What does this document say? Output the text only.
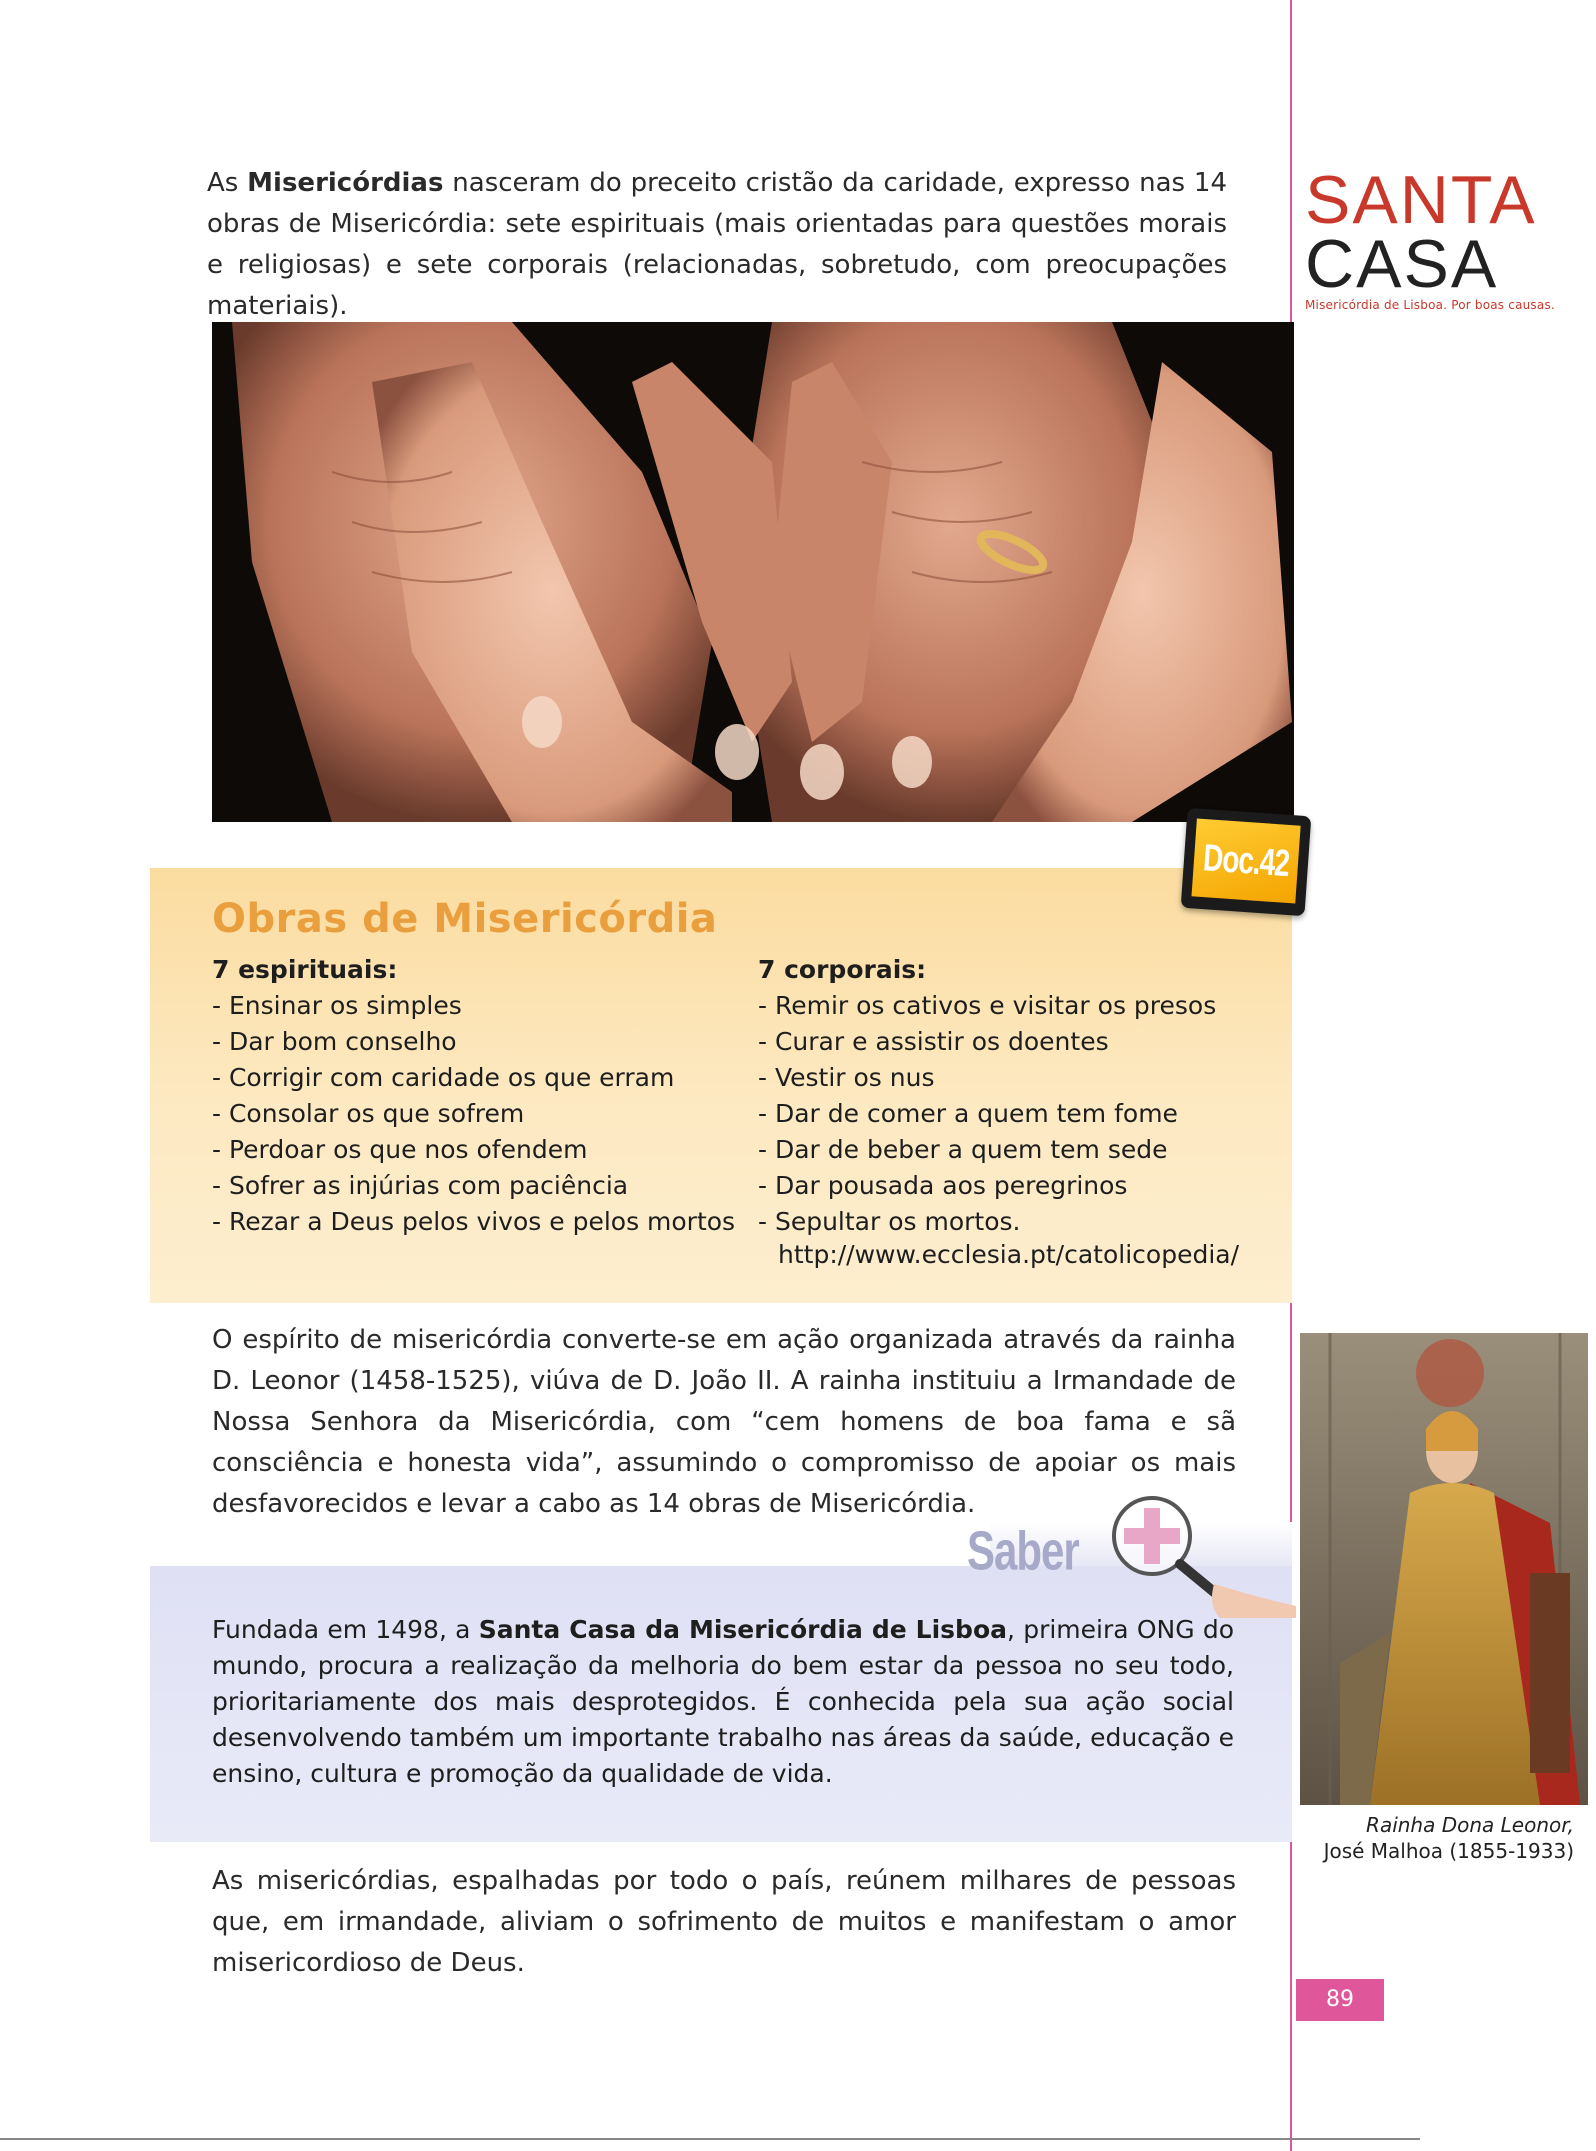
As Misericórdias nasceram do preceito cristão da caridade, expresso nas 14 obras de Misericórdia: sete espirituais (mais orientadas para questões morais e religiosas) e sete corporais (relacionadas, sobretudo, com preocupações materiais).
SANTA
CASA
Misericórdia de Lisboa. Por boas causas.
Obras de Misericórdia
7 espirituais:
- Ensinar os simples
- Dar bom conselho
- Corrigir com caridade os que erram
- Consolar os que sofrem
- Perdoar os que nos ofendem
- Sofrer as injúrias com paciência
- Rezar a Deus pelos vivos e pelos mortos
7 corporais:
- Remir os cativos e visitar os presos
- Curar e assistir os doentes
- Vestir os nus
- Dar de comer a quem tem fome
- Dar de beber a quem tem sede
- Dar pousada aos peregrinos
- Sepultar os mortos.
http://www.ecclesia.pt/catolicopedia/
Doc.42
O espírito de misericórdia converte-se em ação organizada através da rainha D. Leonor (1458-1525), viúva de D. João II. A rainha instituiu a Irmandade de Nossa Senhora da Misericórdia, com “cem homens de boa fama e sã consciência e honesta vida”, assumindo o compromisso de apoiar os mais desfavorecidos e levar a cabo as 14 obras de Misericórdia.
Saber
Fundada em 1498, a Santa Casa da Misericórdia de Lisboa, primeira ONG do mundo, procura a realização da melhoria do bem estar da pessoa no seu todo, prioritariamente dos mais desprotegidos. É conhecida pela sua ação social desenvolvendo também um importante trabalho nas áreas da saúde, educação e ensino, cultura e promoção da qualidade de vida.
Rainha Dona Leonor,
José Malhoa (1855-1933)
As misericórdias, espalhadas por todo o país, reúnem milhares de pessoas que, em irmandade, aliviam o sofrimento de muitos e manifestam o amor misericordioso de Deus.
89
